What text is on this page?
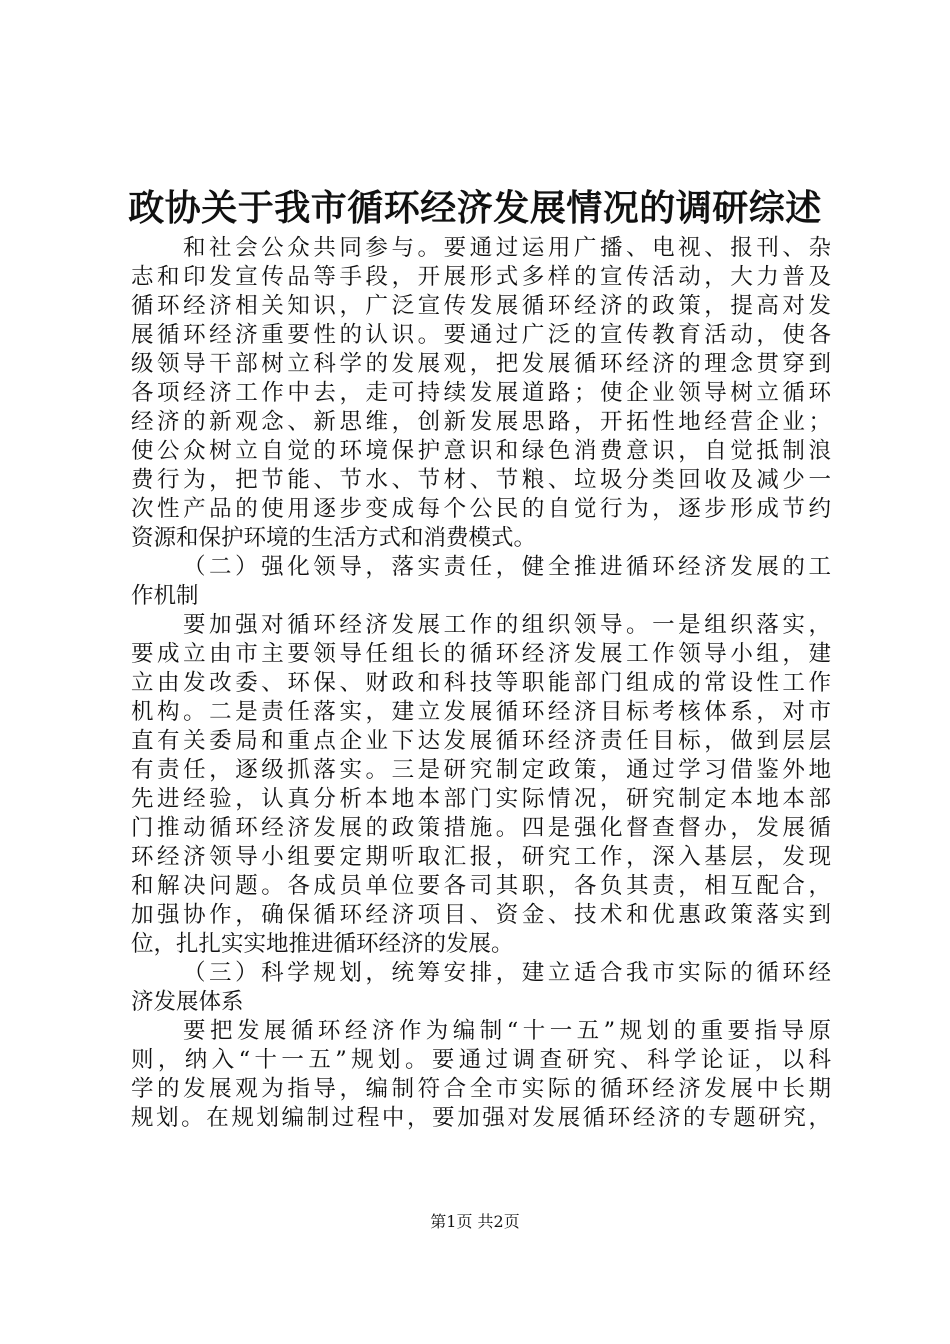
政协关于我市循环经济发展情况的调研综述
和社会公众共同参与。要通过运用广播、电视、报刊、杂
志和印发宣传品等手段，开展形式多样的宣传活动，大力普及
循环经济相关知识，广泛宣传发展循环经济的政策，提高对发
展循环经济重要性的认识。要通过广泛的宣传教育活动，使各
级领导干部树立科学的发展观，把发展循环经济的理念贯穿到
各项经济工作中去，走可持续发展道路；使企业领导树立循环
经济的新观念、新思维，创新发展思路，开拓性地经营企业；
使公众树立自觉的环境保护意识和绿色消费意识，自觉抵制浪
费行为，把节能、节水、节材、节粮、垃圾分类回收及减少一
次性产品的使用逐步变成每个公民的自觉行为，逐步形成节约
资源和保护环境的生活方式和消费模式。
（二）强化领导，落实责任，健全推进循环经济发展的工
作机制
要加强对循环经济发展工作的组织领导。一是组织落实，
要成立由市主要领导任组长的循环经济发展工作领导小组，建
立由发改委、环保、财政和科技等职能部门组成的常设性工作
机构。二是责任落实，建立发展循环经济目标考核体系，对市
直有关委局和重点企业下达发展循环经济责任目标，做到层层
有责任，逐级抓落实。三是研究制定政策，通过学习借鉴外地
先进经验，认真分析本地本部门实际情况，研究制定本地本部
门推动循环经济发展的政策措施。四是强化督查督办，发展循
环经济领导小组要定期听取汇报，研究工作，深入基层，发现
和解决问题。各成员单位要各司其职，各负其责，相互配合，
加强协作，确保循环经济项目、资金、技术和优惠政策落实到
位，扎扎实实地推进循环经济的发展。
（三）科学规划，统筹安排，建立适合我市实际的循环经
济发展体系
要把发展循环经济作为编制“十一五”规划的重要指导原
则，纳入“十一五”规划。要通过调查研究、科学论证，以科
学的发展观为指导，编制符合全市实际的循环经济发展中长期
规划。在规划编制过程中，要加强对发展循环经济的专题研究，
第1页 共2页
